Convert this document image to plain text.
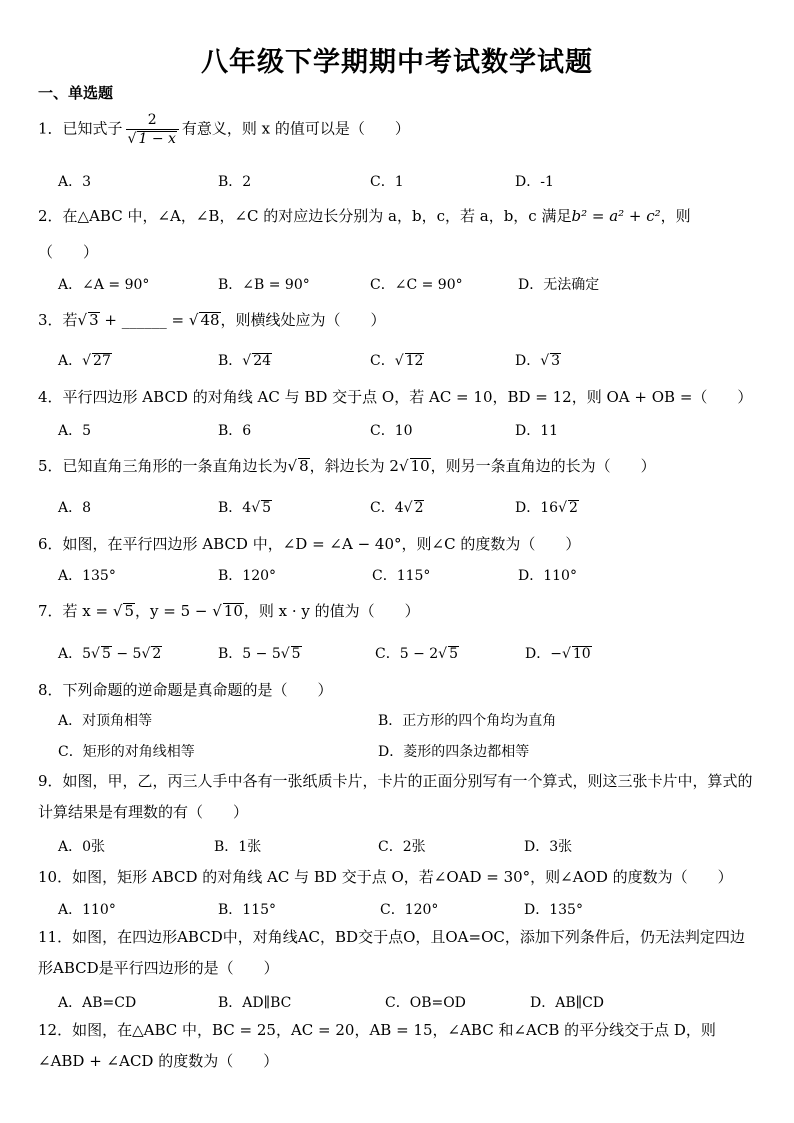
八年级下学期期中考试数学试题
一、单选题
1．已知式子 $\frac{2}{√ 1 - x}$ 有意义，则 x 的值可以是（　　）
A．3	B．2	C．1	D．-1
2．在△ABC 中，∠A，∠B，∠C 的对应边长分别为 a，b，c，若 a，b，c 满足b² = a² + c²，则
（　　）
A．∠A = 90°	B．∠B = 90°	C．∠C = 90°	D．无法确定
3．若√ 3 + ______ = √ 48，则横线处应为（　　）
A．√ 27	B．√ 24	C．√ 12	D．√ 3
4．平行四边形 ABCD 的对角线 AC 与 BD 交于点 O，若 AC = 10，BD = 12，则 OA + OB =（　　）
A．5	B．6	C．10	D．11
5．已知直角三角形的一条直角边长为√ 8，斜边长为 2√ 10，则另一条直角边的长为（　　）
A．8	B．4√ 5	C．4√ 2	D．16√ 2
6．如图，在平行四边形 ABCD 中，∠D = ∠A − 40°，则∠C 的度数为（　　）
A．135°	B．120°	C．115°	D．110°
7．若 x = √ 5，y = 5 − √ 10，则 x · y 的值为（　　）
A．5√ 5 − 5√ 2	B．5 − 5√ 5	C．5 − 2√ 5	D．−√ 10
8．下列命题的逆命题是真命题的是（　　）
A．对顶角相等	B．正方形的四个角均为直角
C．矩形的对角线相等	D．菱形的四条边都相等
9．如图，甲，乙，丙三人手中各有一张纸质卡片，卡片的正面分别写有一个算式，则这三张卡片中，算式的计算结果是有理数的有（　　）
A．0张	B．1张	C．2张	D．3张
10．如图，矩形 ABCD 的对角线 AC 与 BD 交于点 O，若∠OAD = 30°，则∠AOD 的度数为（　　）
A．110°	B．115°	C．120°	D．135°
11．如图，在四边形ABCD中，对角线AC，BD交于点O，且OA=OC，添加下列条件后，仍无法判定四边形ABCD是平行四边形的是（　　）
A．AB=CD	B．AD∥BC	C．OB=OD	D．AB∥CD
12．如图，在△ABC 中，BC = 25，AC = 20，AB = 15，∠ABC 和∠ACB 的平分线交于点 D，则∠ABD + ∠ACD 的度数为（　　）
